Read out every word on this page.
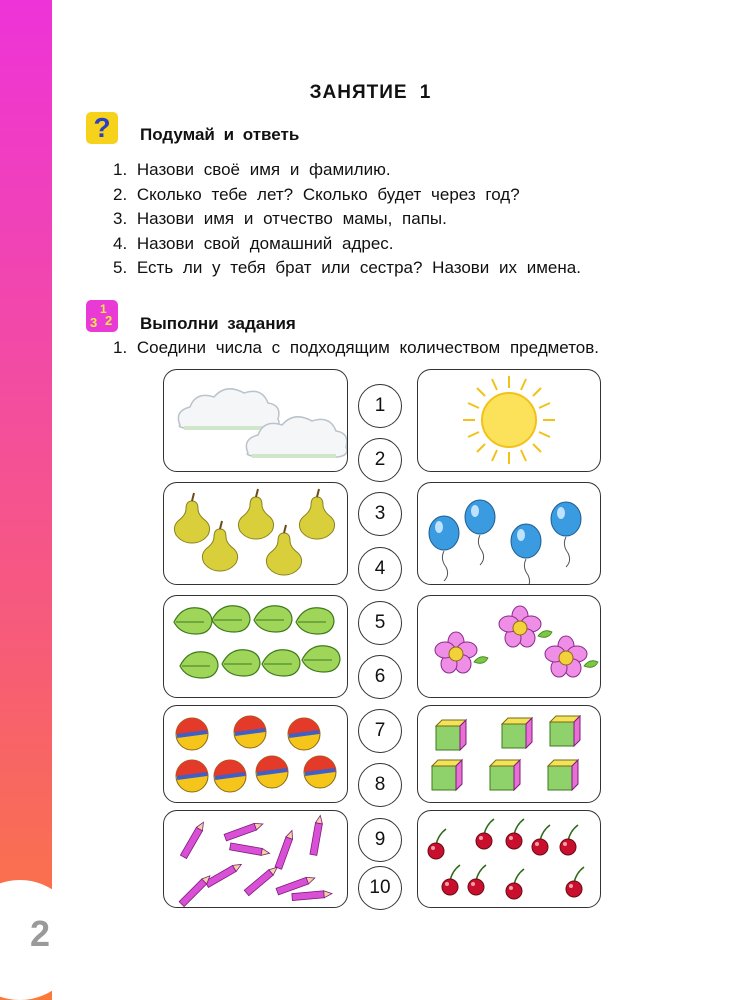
2
ЗАНЯТИЕ 1
?	Подумай и ответь
1. Назови своё имя и фамилию.
2. Сколько тебе лет? Сколько будет через год?
3. Назови имя и отчество мамы, папы.
4. Назови свой домашний адрес.
5. Есть ли у тебя брат или сестра? Назови их имена.
1
3 2 Выполни задания
1. Соедини числа с подходящим количеством предметов.
1
2
3
4
5
6
7
8
9
10
